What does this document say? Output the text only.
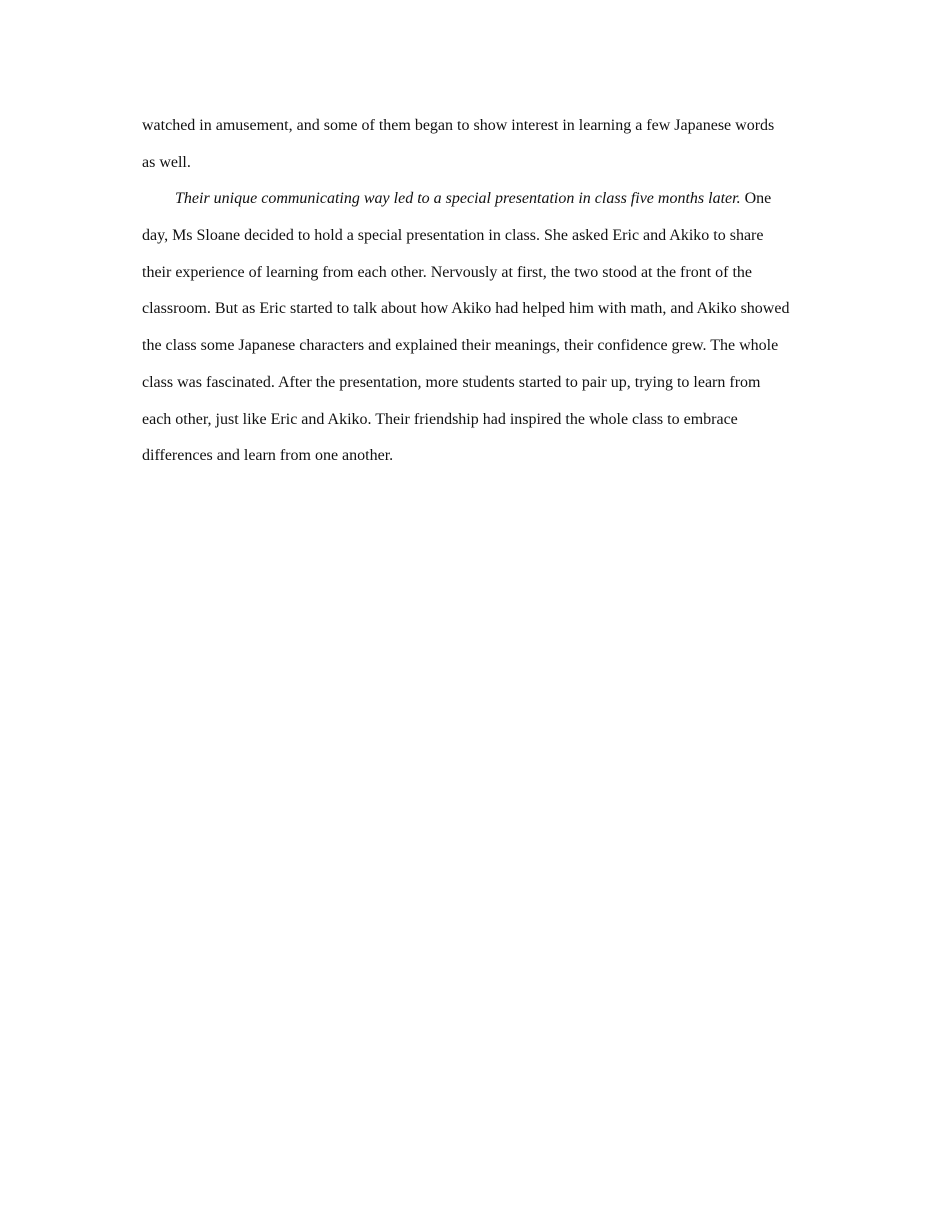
watched in amusement, and some of them began to show interest in learning a few Japanese words
as well.
Their unique communicating way led to a special presentation in class five months later. One
day, Ms Sloane decided to hold a special presentation in class. She asked Eric and Akiko to share
their experience of learning from each other. Nervously at first, the two stood at the front of the
classroom. But as Eric started to talk about how Akiko had helped him with math, and Akiko showed
the class some Japanese characters and explained their meanings, their confidence grew. The whole
class was fascinated. After the presentation, more students started to pair up, trying to learn from
each other, just like Eric and Akiko. Their friendship had inspired the whole class to embrace
differences and learn from one another.
